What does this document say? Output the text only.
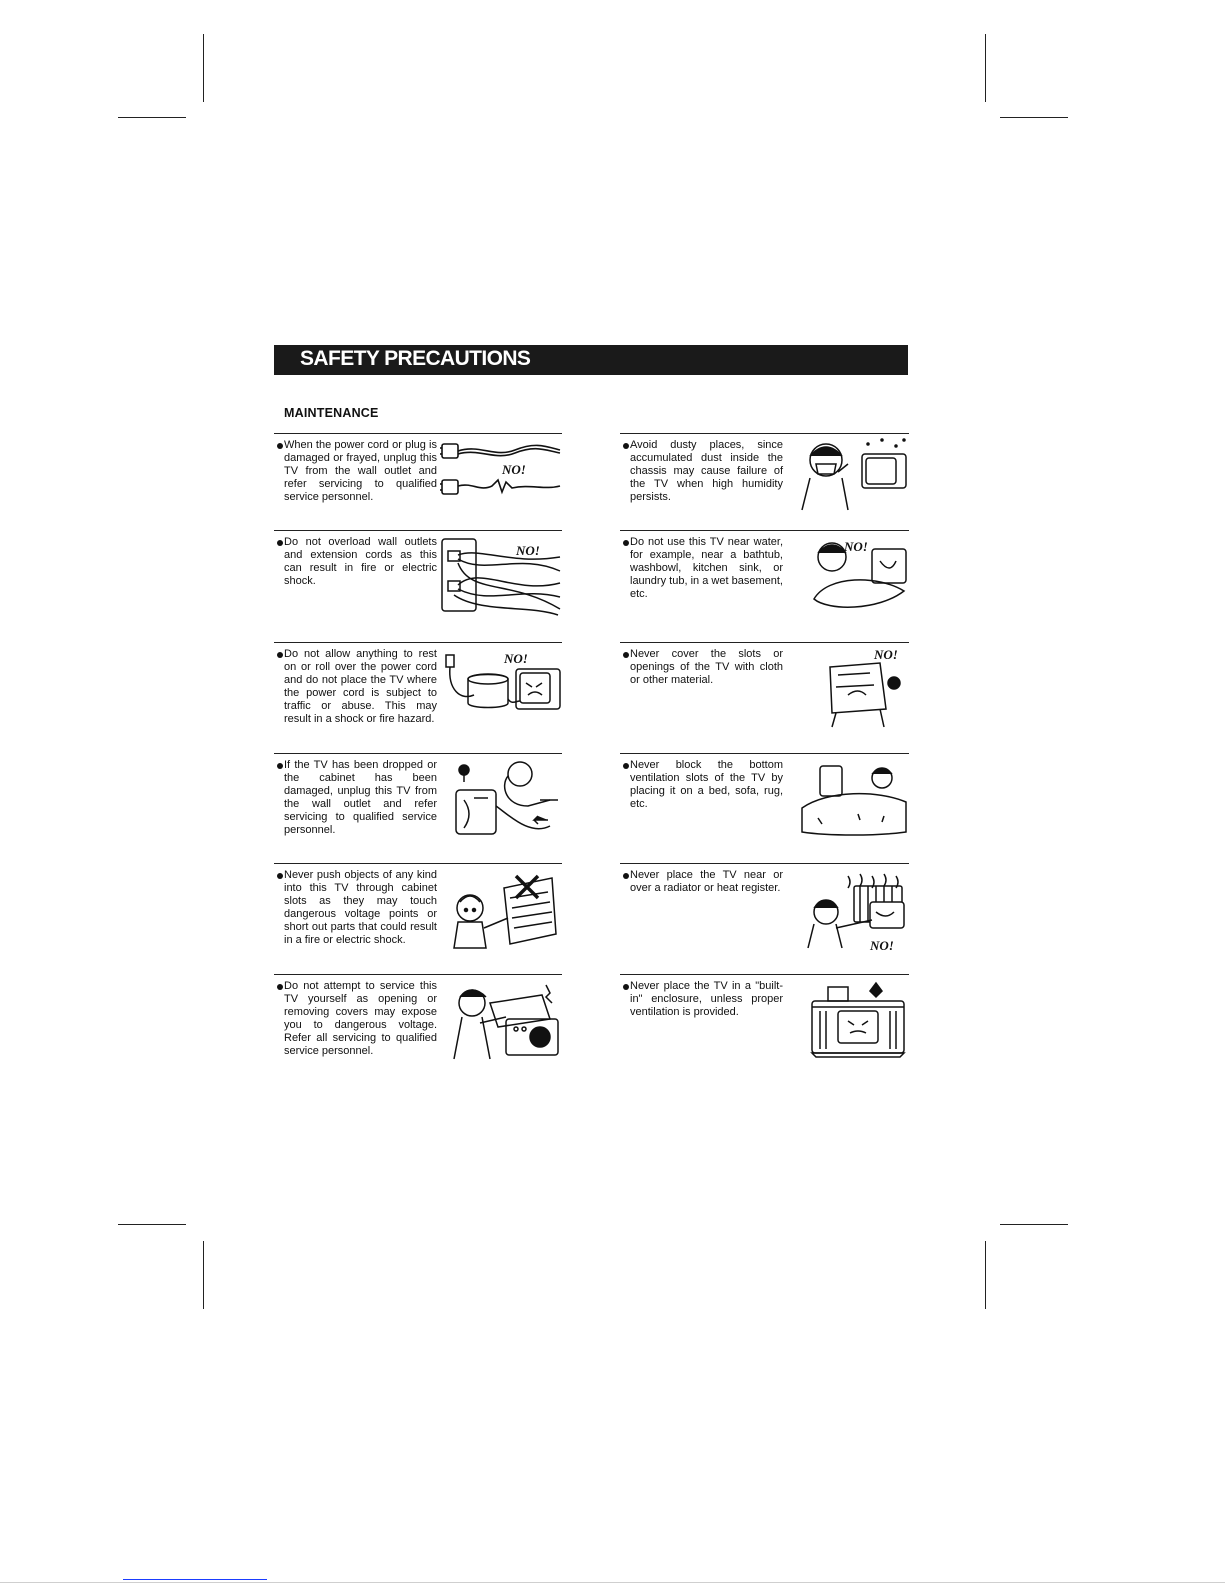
SAFETY PRECAUTIONS
MAINTENANCE
When the power cord or plug is damaged or frayed, unplug this TV from the wall outlet and refer servicing to qualified service personnel.
NO!
Do not overload wall outlets and extension cords as this can result in fire or electric shock.
NO!
Do not allow anything to rest on or roll over the power cord and do not place the TV where the power cord is subject to traffic or abuse. This may result in a shock or fire hazard.
NO!
If the TV has been dropped or the cabinet has been damaged, unplug this TV from the wall outlet and refer servicing to qualified service personnel.
Never push objects of any kind into this TV through cabinet slots as they may touch dangerous voltage points or short out parts that could result in a fire or electric shock.
Do not attempt to service this TV yourself as opening or removing covers may expose you to dangerous voltage. Refer all servicing to qualified service personnel.
Avoid dusty places, since accumulated dust inside the chassis may cause failure of the TV when high humidity persists.
Do not use this TV near water, for example, near a bathtub, washbowl, kitchen sink, or laundry tub, in a wet basement, etc.
NO!
Never cover the slots or openings of the TV with cloth or other material.
NO!
Never block the bottom ventilation slots of the TV by placing it on a bed, sofa, rug, etc.
Never place the TV near or over a radiator or heat register.
NO!
Never place the TV in a "built-in" enclosure, unless proper ventilation is provided.
